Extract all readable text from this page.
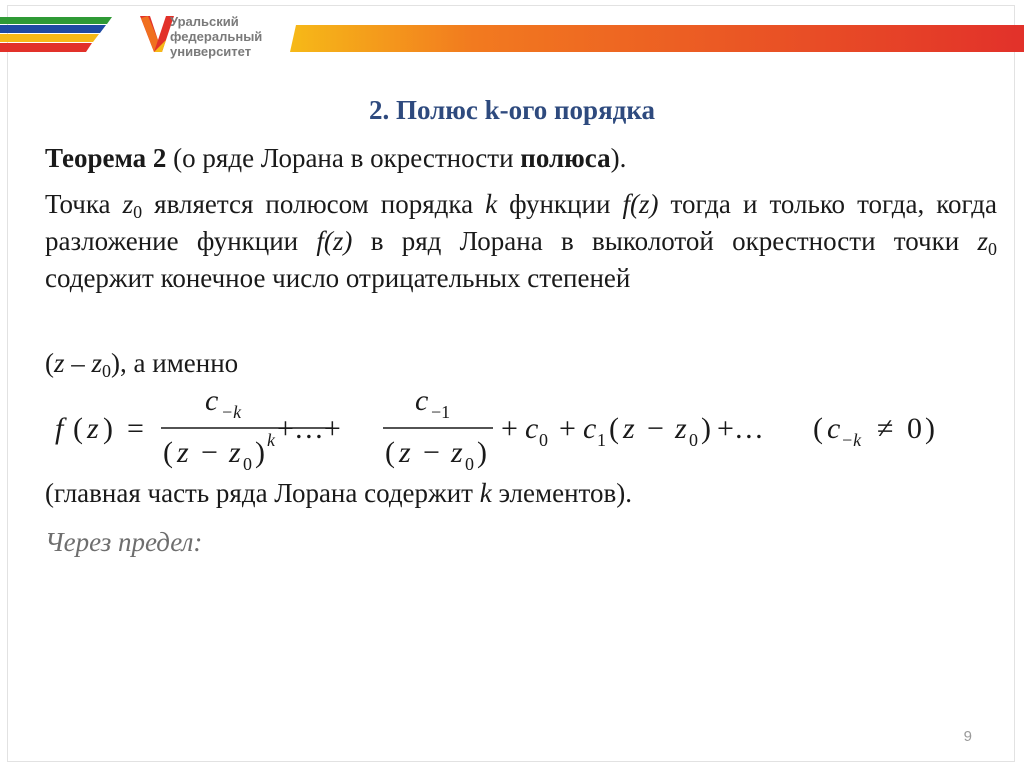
Уральский
федеральный
университет
2. Полюс k-ого порядка
Теорема 2 (о ряде Лорана в окрестности полюса).
Точка $z_0$ является полюсом порядка k функции f(z) тогда и только тогда, когда разложение функции f(z) в ряд Лорана в выколотой окрестности точки $z_0$ содержит конечное число отрицательных степеней
$(z - z_0)$, а именно
f ( z ) =
c −k
( z − z 0 ) k +…+
c −1
( z − z 0 )
+ c 0 + c 1 ( z − z 0 ) +… ( c −k ≠ 0 )
(главная часть ряда Лорана содержит k элементов).
Через предел:
9
